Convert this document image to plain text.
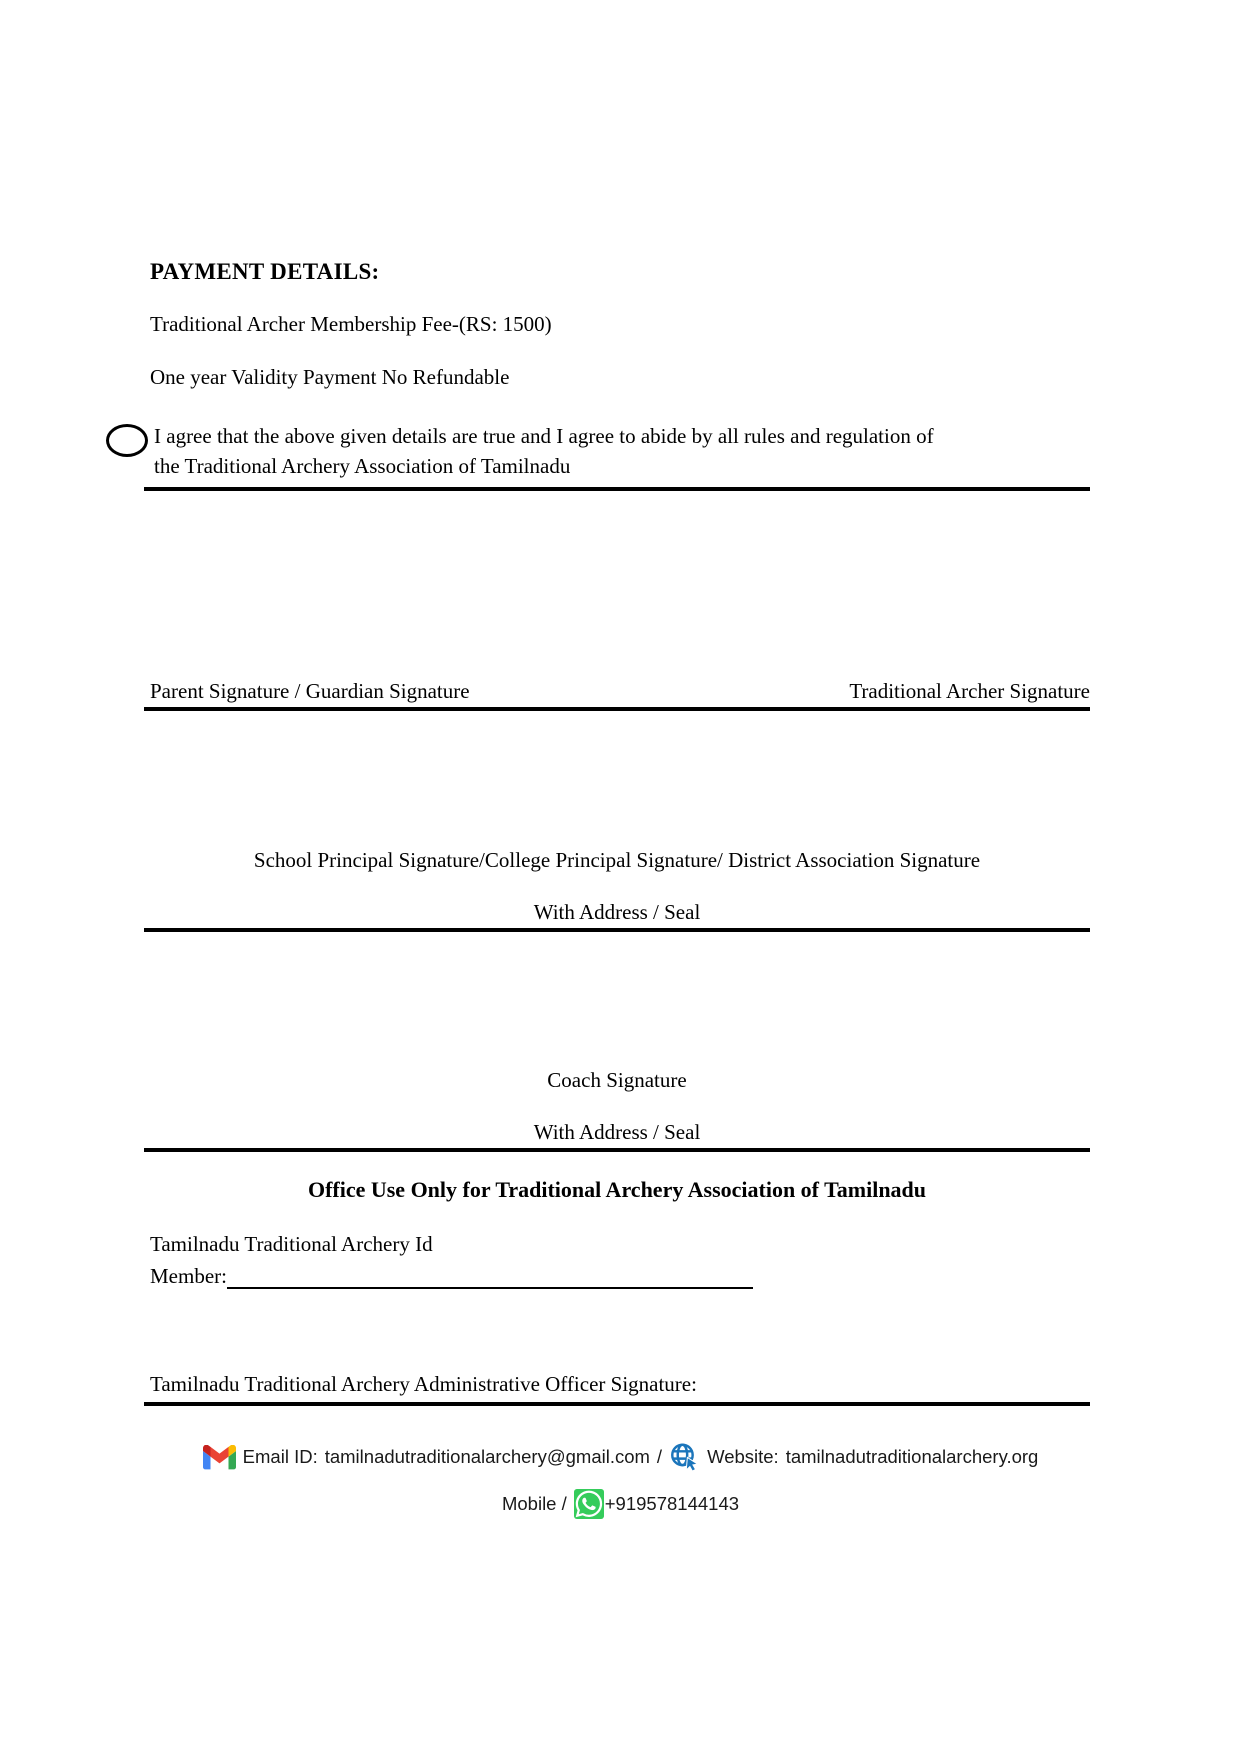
PAYMENT DETAILS:
Traditional Archer Membership Fee-(RS: 1500)
One year Validity Payment No Refundable
I agree that the above given details are true and I agree to abide by all rules and regulation of
the Traditional Archery Association of Tamilnadu
Parent Signature / Guardian Signature	Traditional Archer Signature
School Principal Signature/College Principal Signature/ District Association Signature
With Address / Seal
Coach Signature
With Address / Seal
Office Use Only for Traditional Archery Association of Tamilnadu
Tamilnadu Traditional Archery Id
Member:
Tamilnadu Traditional Archery Administrative Officer Signature:
Email ID: tamilnadutraditionalarchery@gmail.com / Website: tamilnadutraditionalarchery.org
Mobile / +919578144143
